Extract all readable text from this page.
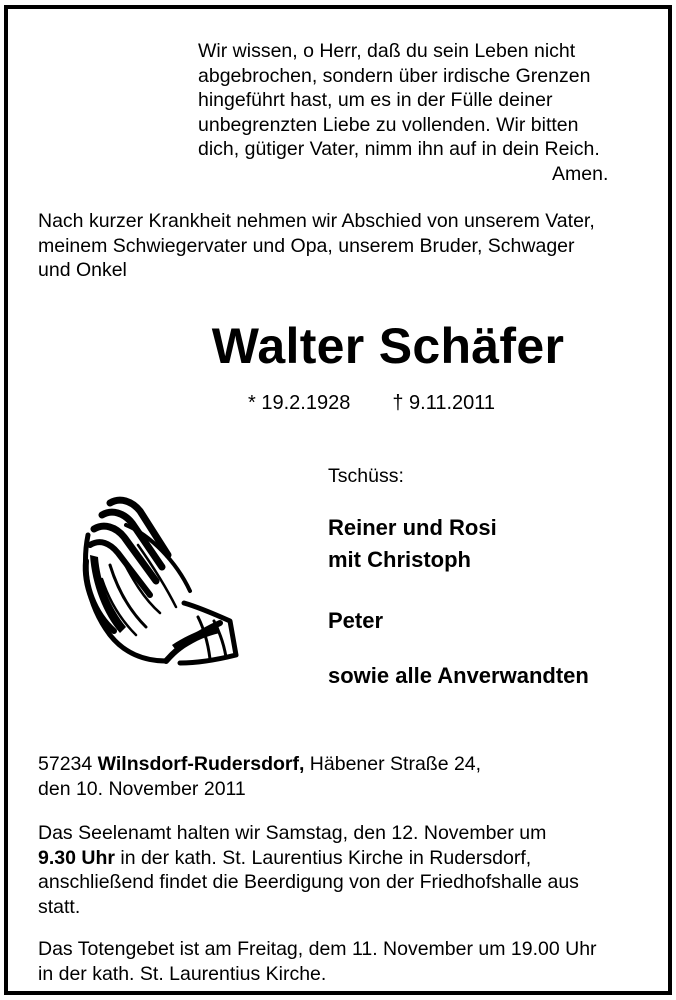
Wir wissen, o Herr, daß du sein Leben nicht
abgebrochen, sondern über irdische Grenzen
hingeführt hast, um es in der Fülle deiner
unbegrenzten Liebe zu vollenden. Wir bitten
dich, gütiger Vater, nimm ihn auf in dein Reich.
Amen.

Nach kurzer Krankheit nehmen wir Abschied von unserem Vater,
meinem Schwiegervater und Opa, unserem Bruder, Schwager
und Onkel

Walter Schäfer
* 19.2.1928 † 9.11.2011
Tschüss:
Reiner und Rosi
mit Christoph
Peter
sowie alle Anverwandten

57234 Wilnsdorf-Rudersdorf, Häbener Straße 24,
den 10. November 2011

Das Seelenamt halten wir Samstag, den 12. November um
9.30 Uhr in der kath. St. Laurentius Kirche in Rudersdorf,
anschließend findet die Beerdigung von der Friedhofshalle aus
statt.

Das Totengebet ist am Freitag, dem 11. November um 19.00 Uhr
in der kath. St. Laurentius Kirche.
